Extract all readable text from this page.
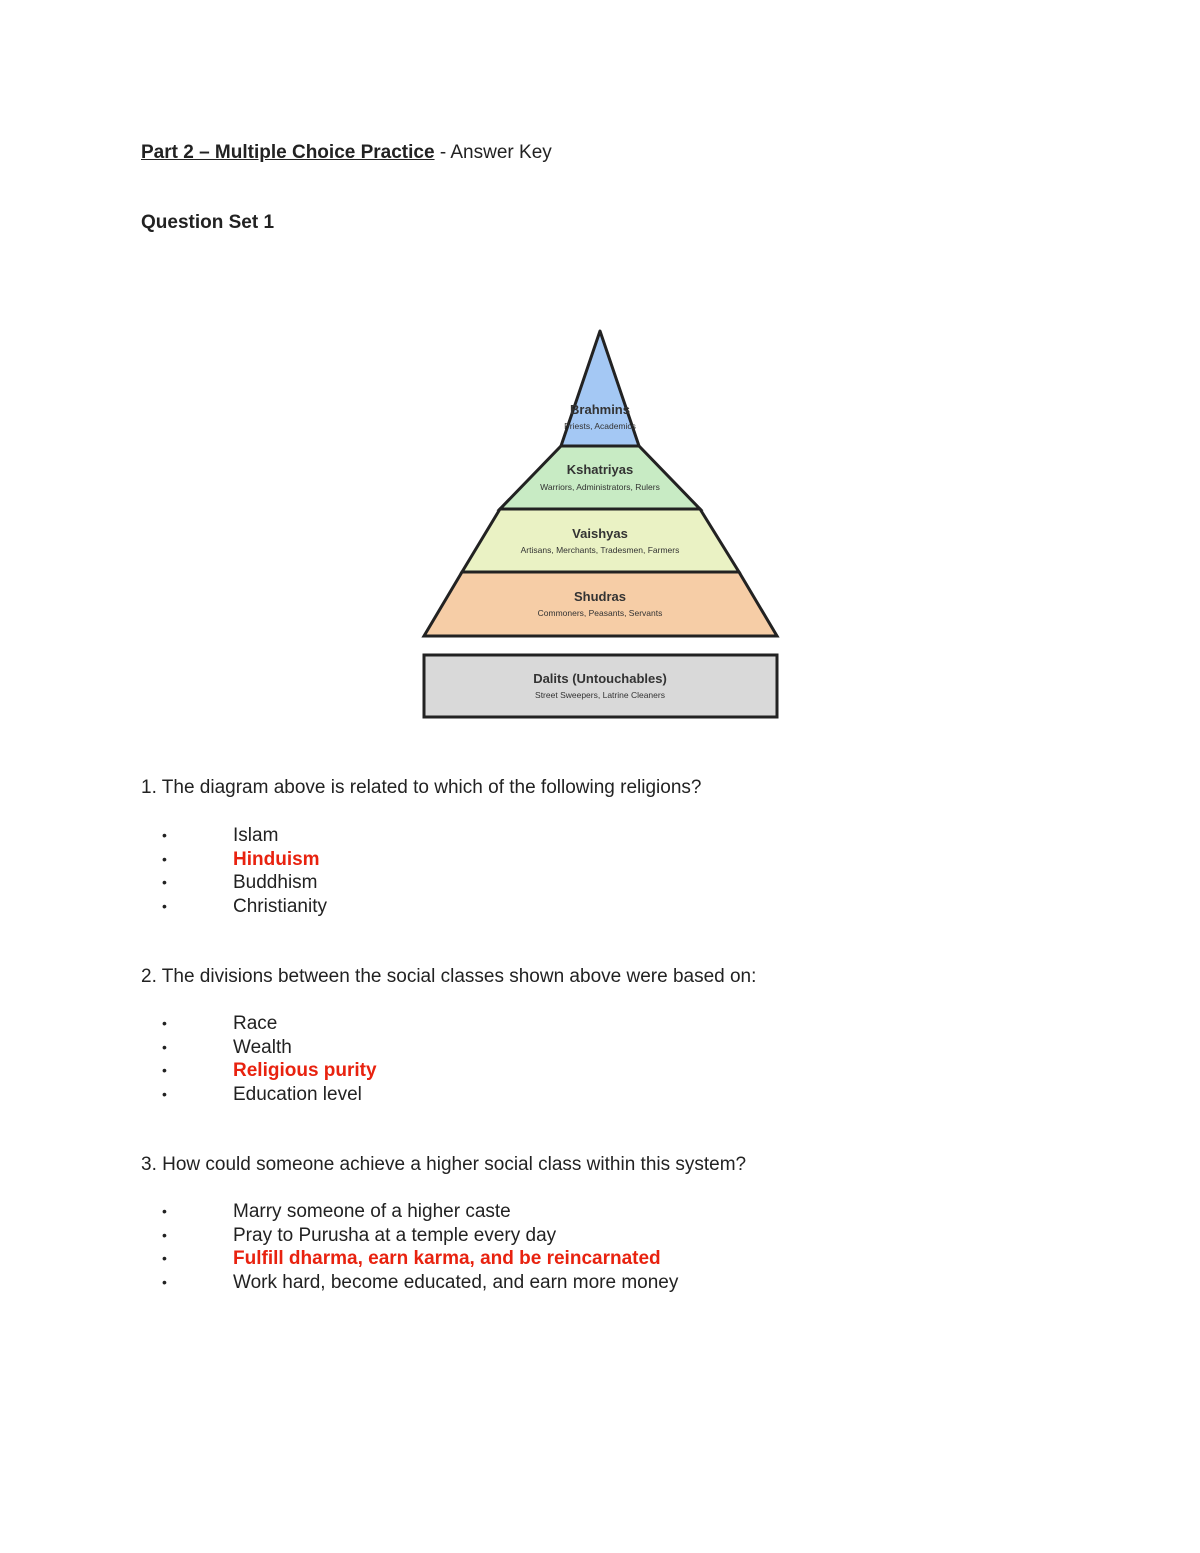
Part 2 – Multiple Choice Practice - Answer Key
Question Set 1
Brahmins
Priests, Academics
Kshatriyas
Warriors, Administrators, Rulers
Vaishyas
Artisans, Merchants, Tradesmen, Farmers
Shudras
Commoners, Peasants, Servants
Dalits (Untouchables)
Street Sweepers, Latrine Cleaners
1. The diagram above is related to which of the following religions?
•	Islam
•	Hinduism
•	Buddhism
•	Christianity
2. The divisions between the social classes shown above were based on:
•	Race
•	Wealth
•	Religious purity
•	Education level
3. How could someone achieve a higher social class within this system?
•	Marry someone of a higher caste
•	Pray to Purusha at a temple every day
•	Fulfill dharma, earn karma, and be reincarnated
•	Work hard, become educated, and earn more money
